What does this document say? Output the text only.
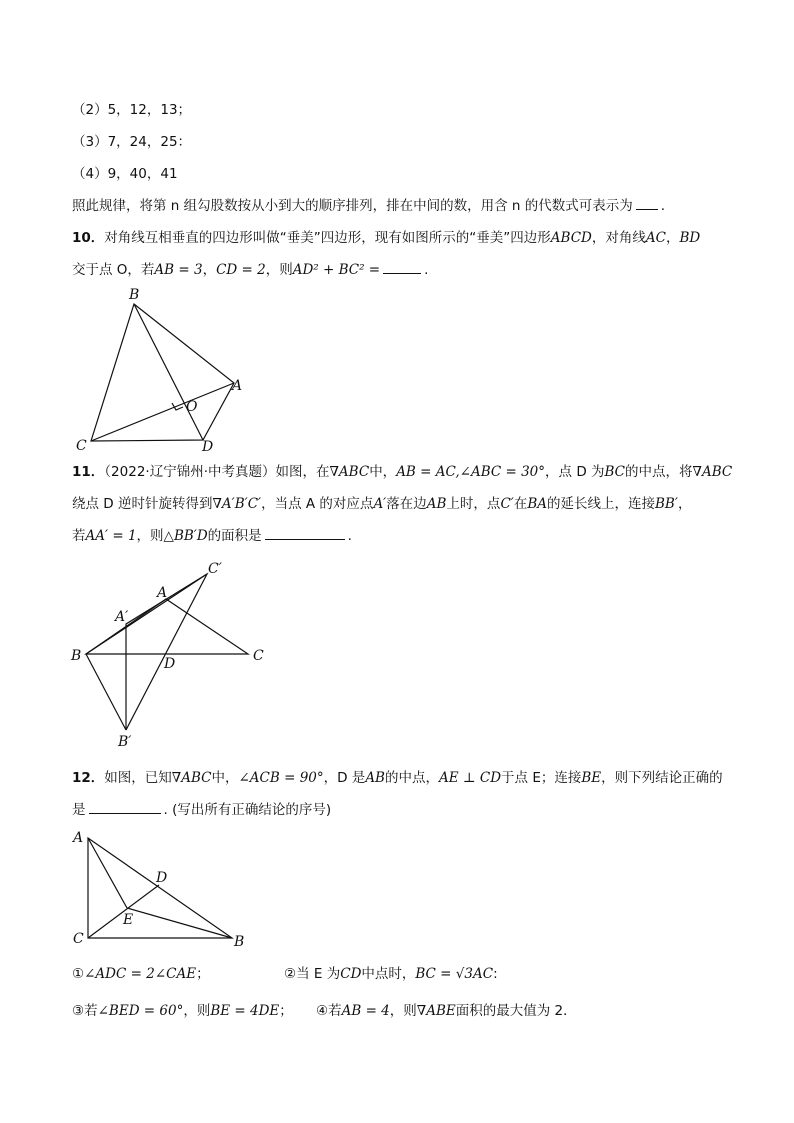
（2）5，12，13；
（3）7，24，25：
（4）9，40，41
照此规律，将第 n 组勾股数按从小到大的顺序排列，排在中间的数，用含 n 的代数式可表示为 .
10．对角线互相垂直的四边形叫做“垂美”四边形，现有如图所示的“垂美”四边形ABCD，对角线AC，BD
交于点 O，若AB = 3，CD = 2，则AD² + BC² =	.
B
A
O
C	D
11．（2022·辽宁锦州·中考真题）如图，在∇ABC中，AB = AC,∠ABC = 30°，点 D 为BC的中点，将∇ABC
绕点 D 逆时针旋转得到∇A′B′C′，当点 A 的对应点A′落在边AB上时，点C′在BA的延长线上，连接BB′，
若AA′ = 1，则△BB′D的面积是	.
C′
A
A′
B	D	C
B′
12．如图，已知∇ABC中，∠ACB = 90°，D 是AB的中点，AE ⊥ CD于点 E；连接BE，则下列结论正确的
是	. (写出所有正确结论的序号)
A
D
E
C	B
①∠ADC = 2∠CAE；	②当 E 为CD中点时，BC = √3AC:
③若∠BED = 60°，则BE = 4DE； ④若AB = 4，则∇ABE面积的最大值为 2．
